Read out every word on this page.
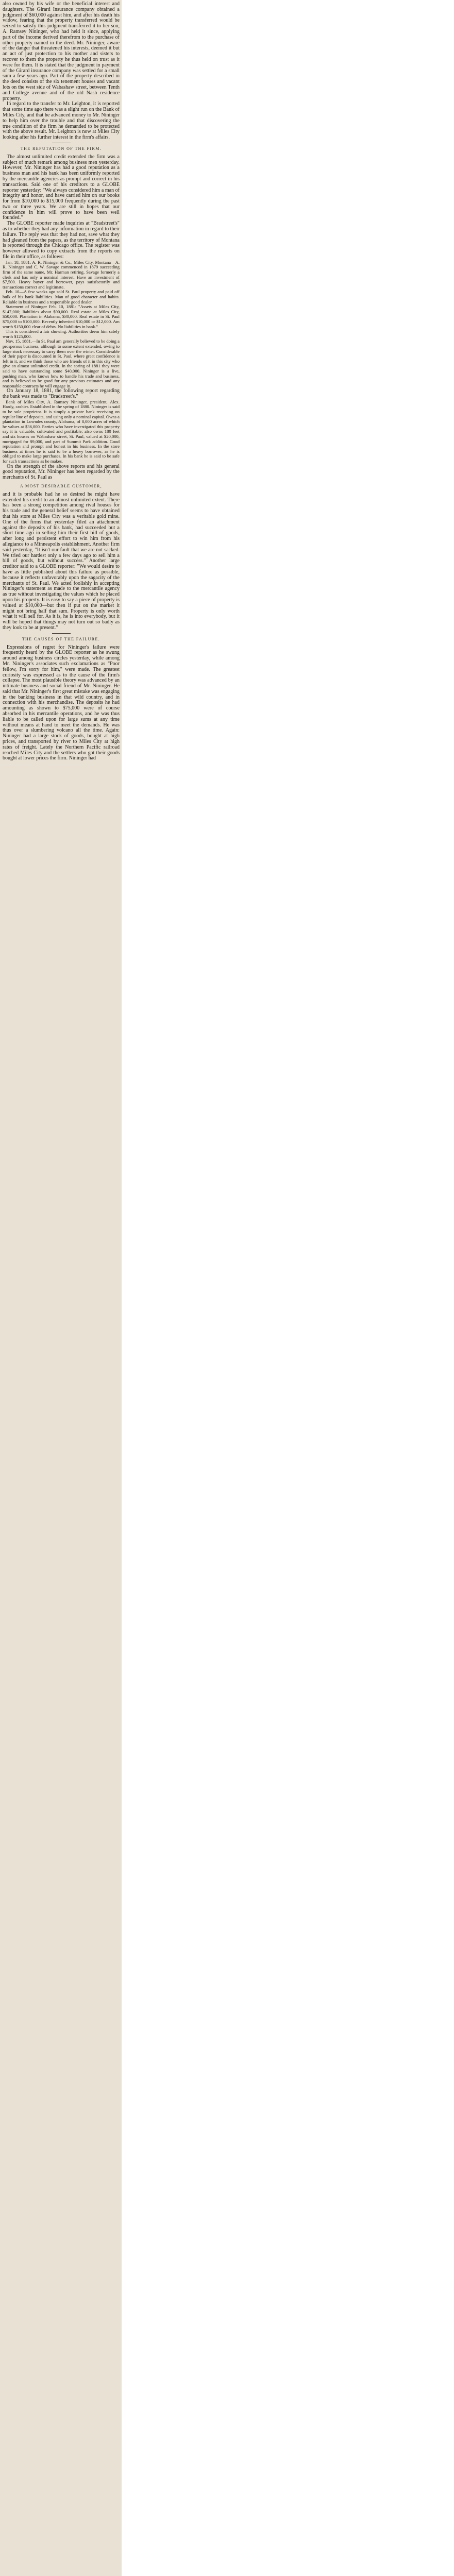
also owned by his wife or the beneficial interest and daughters. The Girard Insurance company obtained a judgment of $60,000 against him, and after his death his widow, fearing that the property transferred would be seized to satisfy this judgment transferred it to her son, A. Ramsey Nininger, who had held it since, applying part of the income derived therefrom to the purchase of other property named in the deed. Mr. Nininger, aware of the danger that threatened his interests, deemed it but an act of just protection to his mother and sisters to recover to them the property he thus held on trust as it were for them. It is stated that the judgment in payment of the Girard insurance company was settled for a small sum a few years ago. Part of the property described in the deed consists of the six tenement houses and vacant lots on the west side of Wabashaw street, between Tenth and College avenue and of the old Nash residence property.

In regard to the transfer to Mr. Leighton, it is reported that some time ago there was a slight run on the Bank of Miles City, and that he advanced money to Mr. Nininger to help him over the trouble and that discovering the true condition of the firm he demanded to be protected with the above result. Mr. Leighton is now at Miles City looking after his further interest in the firm's affairs.

THE REPUTATION OF THE FIRM.

The almost unlimited credit extended the firm was a subject of much remark among business men yesterday. However, Mr. Nininger has had a good reputation as a business man and his bank has been uniformly reported by the mercantile agencies as prompt and correct in his transactions. Said one of his creditors to a GLOBE reporter yesterday: "We always considered him a man of integrity and honor, and have carried him on our books for from $10,000 to $15,000 frequently during the past two or three years. We are still in hopes that our confidence in him will prove to have been well founded."

The GLOBE reporter made inquiries at "Bradstreet's" as to whether they had any information in regard to their failure. The reply was that they had not, save what they had gleaned from the papers, as the territory of Montana is reported through the Chicago office. The register was however allowed to copy extracts from the reports on file in their office, as follows:

Jan. 18, 1881. A. R. Nininger & Co., Miles City, Montana—A. R. Nininger and C. W. Savage commenced in 1879 succeeding firm of the same name, Mr. Harman retiring. Savage formerly a clerk and has only a nominal interest. Have an investment of $7,500. Heavy buyer and borrower, pays satisfactorily and transactions correct and legitimate.

Feb. 10—A few weeks ago sold St. Paul property and paid off bulk of his bank liabilities. Man of good character and habits. Reliable in business and a responsible good dealer.

Statement of Nininger Feb. 10, 1881: "Assets at Miles City, $147,000; liabilities about $90,000. Real estate at Miles City, $50,000. Plantation in Alabama, $30,000. Real estate in St. Paul $75,000 to $100,000. Recently inherited $10,000 or $12,000. Am worth $150,000 clear of debts. No liabilities in bank."

This is considered a fair showing. Authorities deem him safely worth $125,000.

Nov. 15, 1881.—In St. Paul am generally believed to be doing a prosperous business, although to some extent extended, owing to large stock necessary to carry them over the winter. Considerable of their paper is discounted in St. Paul, where great confidence is felt in it, and we think those who are friends of it in this city who give an almost unlimited credit. In the spring of 1881 they were said to have outstanding some $40,000. Nininger is a live, pushing man, who knows how to handle his trade and business, and is believed to be good for any previous estimates and any reasonable contracts he will engage in.

On January 18, 1881, the following report regarding the bank was made to "Bradstreet's."

Bank of Miles City, A. Ramsey Nininger, president, Alex. Hardy, cashier. Established in the spring of 1880. Nininger is said to be sole proprietor. It is simply a private bank receiving on regular line of deposits, and using only a nominal capital. Owns a plantation in Lowndes county, Alabama, of 8,000 acres of which he values at $36,000. Parties who have investigated this property say it is valuable, cultivated and profitable; also owns 180 feet and six houses on Wabashaw street, St. Paul, valued at $20,000, mortgaged for $9,000, and part of Summit Park addition. Good reputation and prompt and honest in his business. In the store business at times he is said to be a heavy borrower, as he is obliged to make large purchases. In his bank he is said to be safe for such transactions as he makes.

On the strength of the above reports and his general good reputation, Mr. Nininger has been regarded by the merchants of St. Paul as

A MOST DESIRABLE CUSTOMER,

and it is probable had he so desired he might have extended his credit to an almost unlimited extent. There has been a strong competition among rival houses for his trade and the general belief seems to have obtained that his store at Miles City was a veritable gold mine. One of the firms that yesterday filed an attachment against the deposits of his bank, had succeeded but a short time ago in selling him their first bill of goods, after long and persistent effort to win him from his allegiance to a Minneapolis establishment. Another firm said yesterday, "It isn't our fault that we are not sacked. We tried our hardest only a few days ago to sell him a bill of goods, but without success." Another large creditor said to a GLOBE reporter: "We would desire to have as little published about this failure as possible, because it reflects unfavorably upon the sagacity of the merchants of St. Paul. We acted foolishly in accepting Nininger's statement as made to the mercantile agency as true without investigating the values which he placed upon his property. It is easy to say a piece of property is valued at $10,000—but then if put on the market it might not bring half that sum. Property is only worth what it will sell for. As it is, he is into everybody, but it will be hoped that things may not turn out so badly as they look to be at present."

THE CAUSES OF THE FAILURE.

Expressions of regret for Nininger's failure were frequently heard by the GLOBE reporter as he swung around among business circles yesterday, while among Mr. Nininger's associates such exclamations as "Poor fellow, I'm sorry for him," were made. The greatest curiosity was expressed as to the cause of the firm's collapse. The most plausible theory was advanced by an intimate business and social friend of Mr. Nininger. He said that Mr. Nininger's first great mistake was engaging in the banking business in that wild country, and in connection with his merchandise. The deposits he had amounting as shown to $75,000 were of course absorbed in his mercantile operations, and he was thus liable to be called upon for large sums at any time without means at hand to meet the demands. He was thus over a slumbering volcano all the time. Again: Nininger had a large stock of goods, bought at high prices, and transported by river to Miles City at high rates of freight. Lately the Northern Pacific railroad reached Miles City and the settlers who got their goods bought at lower prices the firm. Nininger had
